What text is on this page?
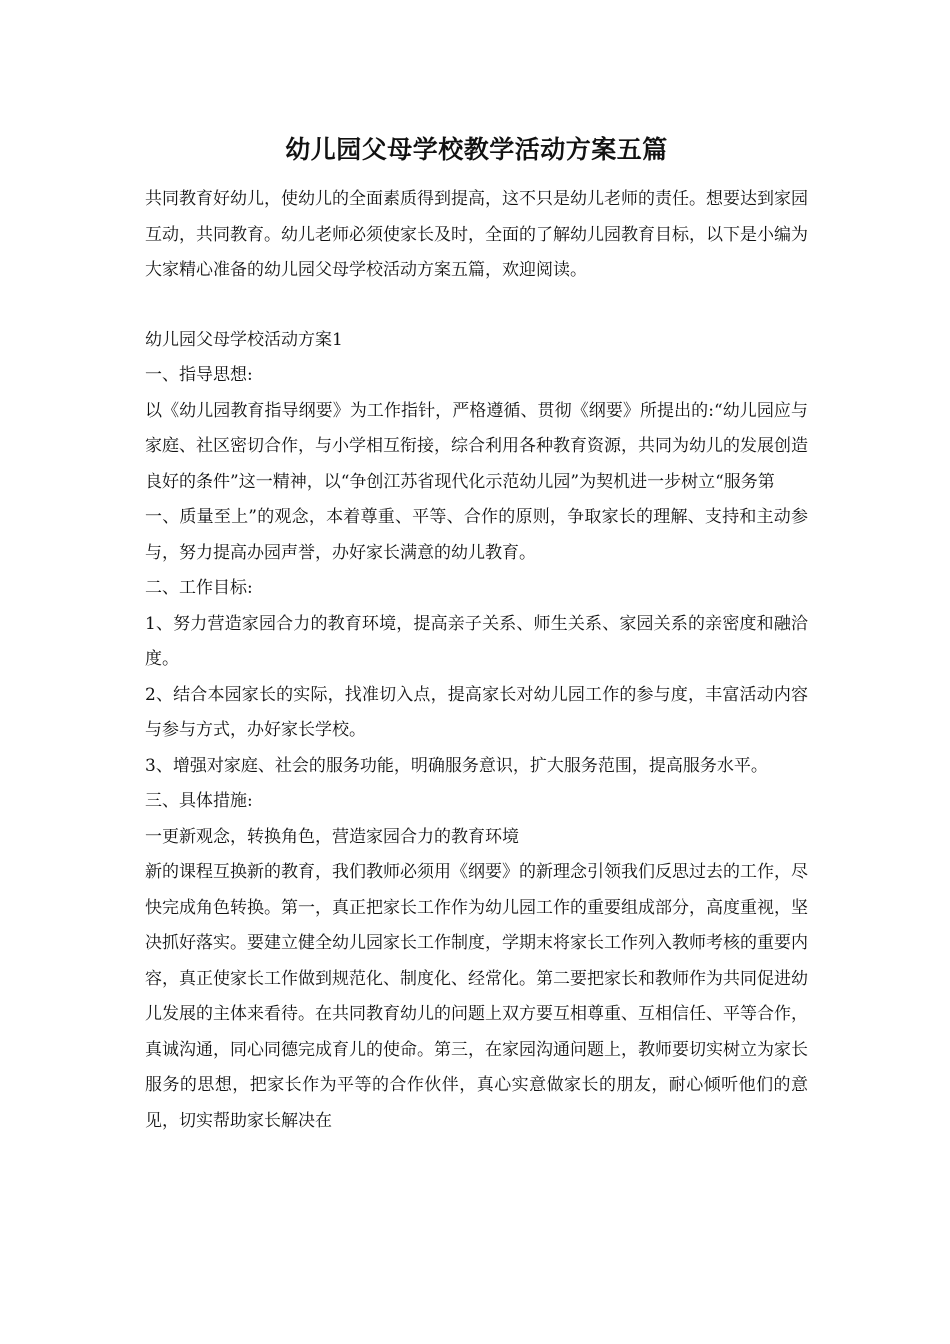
幼儿园父母学校教学活动方案五篇

共同教育好幼儿，使幼儿的全面素质得到提高，这不只是幼儿老师的责任。想要达到家园互动，共同教育。幼儿老师必须使家长及时，全面的了解幼儿园教育目标，以下是小编为大家精心准备的幼儿园父母学校活动方案五篇，欢迎阅读。

幼儿园父母学校活动方案1

一、指导思想:

以《幼儿园教育指导纲要》为工作指针，严格遵循、贯彻《纲要》所提出的:“幼儿园应与家庭、社区密切合作，与小学相互衔接，综合利用各种教育资源，共同为幼儿的发展创造良好的条件”这一精神，以“争创江苏省现代化示范幼儿园”为契机进一步树立“服务第

一、质量至上”的观念，本着尊重、平等、合作的原则，争取家长的理解、支持和主动参与，努力提高办园声誉，办好家长满意的幼儿教育。

二、工作目标:

1、努力营造家园合力的教育环境，提高亲子关系、师生关系、家园关系的亲密度和融洽度。

2、结合本园家长的实际，找准切入点，提高家长对幼儿园工作的参与度，丰富活动内容与参与方式，办好家长学校。

3、增强对家庭、社会的服务功能，明确服务意识，扩大服务范围，提高服务水平。

三、具体措施:

一更新观念，转换角色，营造家园合力的教育环境

新的课程互换新的教育，我们教师必须用《纲要》的新理念引领我们反思过去的工作，尽快完成角色转换。第一，真正把家长工作作为幼儿园工作的重要组成部分，高度重视，坚决抓好落实。要建立健全幼儿园家长工作制度，学期末将家长工作列入教师考核的重要内容，真正使家长工作做到规范化、制度化、经常化。第二要把家长和教师作为共同促进幼儿发展的主体来看待。在共同教育幼儿的问题上双方要互相尊重、互相信任、平等合作，真诚沟通，同心同德完成育儿的使命。第三，在家园沟通问题上，教师要切实树立为家长服务的思想，把家长作为平等的合作伙伴，真心实意做家长的朋友，耐心倾听他们的意见，切实帮助家长解决在
